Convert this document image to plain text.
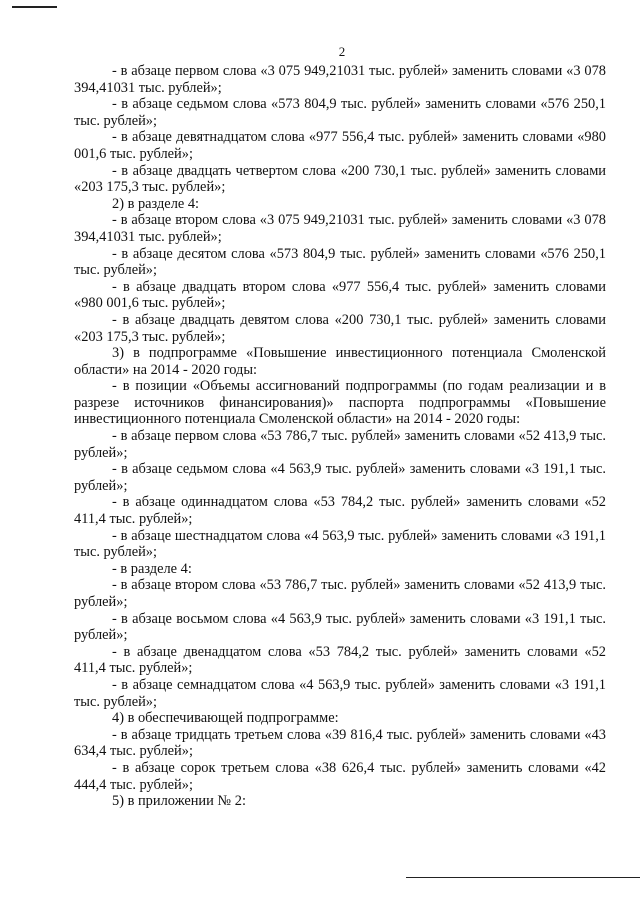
2

- в абзаце первом слова «3 075 949,21031 тыс. рублей» заменить словами «3 078 394,41031 тыс. рублей»;

- в абзаце седьмом слова «573 804,9 тыс. рублей» заменить словами «576 250,1 тыс. рублей»;

- в абзаце девятнадцатом слова «977 556,4 тыс. рублей» заменить словами «980 001,6 тыс. рублей»;

- в абзаце двадцать четвертом слова «200 730,1 тыс. рублей» заменить словами «203 175,3 тыс. рублей»;

2) в разделе 4:

- в абзаце втором слова «3 075 949,21031 тыс. рублей» заменить словами «3 078 394,41031 тыс. рублей»;

- в абзаце десятом слова «573 804,9 тыс. рублей» заменить словами «576 250,1 тыс. рублей»;

- в абзаце двадцать втором слова «977 556,4 тыс. рублей» заменить словами «980 001,6 тыс. рублей»;

- в абзаце двадцать девятом слова «200 730,1 тыс. рублей» заменить словами «203 175,3 тыс. рублей»;

3) в подпрограмме «Повышение инвестиционного потенциала Смоленской области» на 2014 - 2020 годы:

- в позиции «Объемы ассигнований подпрограммы (по годам реализации и в разрезе источников финансирования)» паспорта подпрограммы «Повышение инвестиционного потенциала Смоленской области» на 2014 - 2020 годы:

- в абзаце первом слова «53 786,7 тыс. рублей» заменить словами «52 413,9 тыс. рублей»;

- в абзаце седьмом слова «4 563,9 тыс. рублей» заменить словами «3 191,1 тыс. рублей»;

- в абзаце одиннадцатом слова «53 784,2 тыс. рублей» заменить словами «52 411,4 тыс. рублей»;

- в абзаце шестнадцатом слова «4 563,9 тыс. рублей» заменить словами «3 191,1 тыс. рублей»;

- в разделе 4:

- в абзаце втором слова «53 786,7 тыс. рублей» заменить словами «52 413,9 тыс. рублей»;

- в абзаце восьмом слова «4 563,9 тыс. рублей» заменить словами «3 191,1 тыс. рублей»;

- в абзаце двенадцатом слова «53 784,2 тыс. рублей» заменить словами «52 411,4 тыс. рублей»;

- в абзаце семнадцатом слова «4 563,9 тыс. рублей» заменить словами «3 191,1 тыс. рублей»;

4) в обеспечивающей подпрограмме:

- в абзаце тридцать третьем слова «39 816,4 тыс. рублей» заменить словами «43 634,4 тыс. рублей»;

- в абзаце сорок третьем слова «38 626,4 тыс. рублей» заменить словами «42 444,4 тыс. рублей»;

5) в приложении № 2:
